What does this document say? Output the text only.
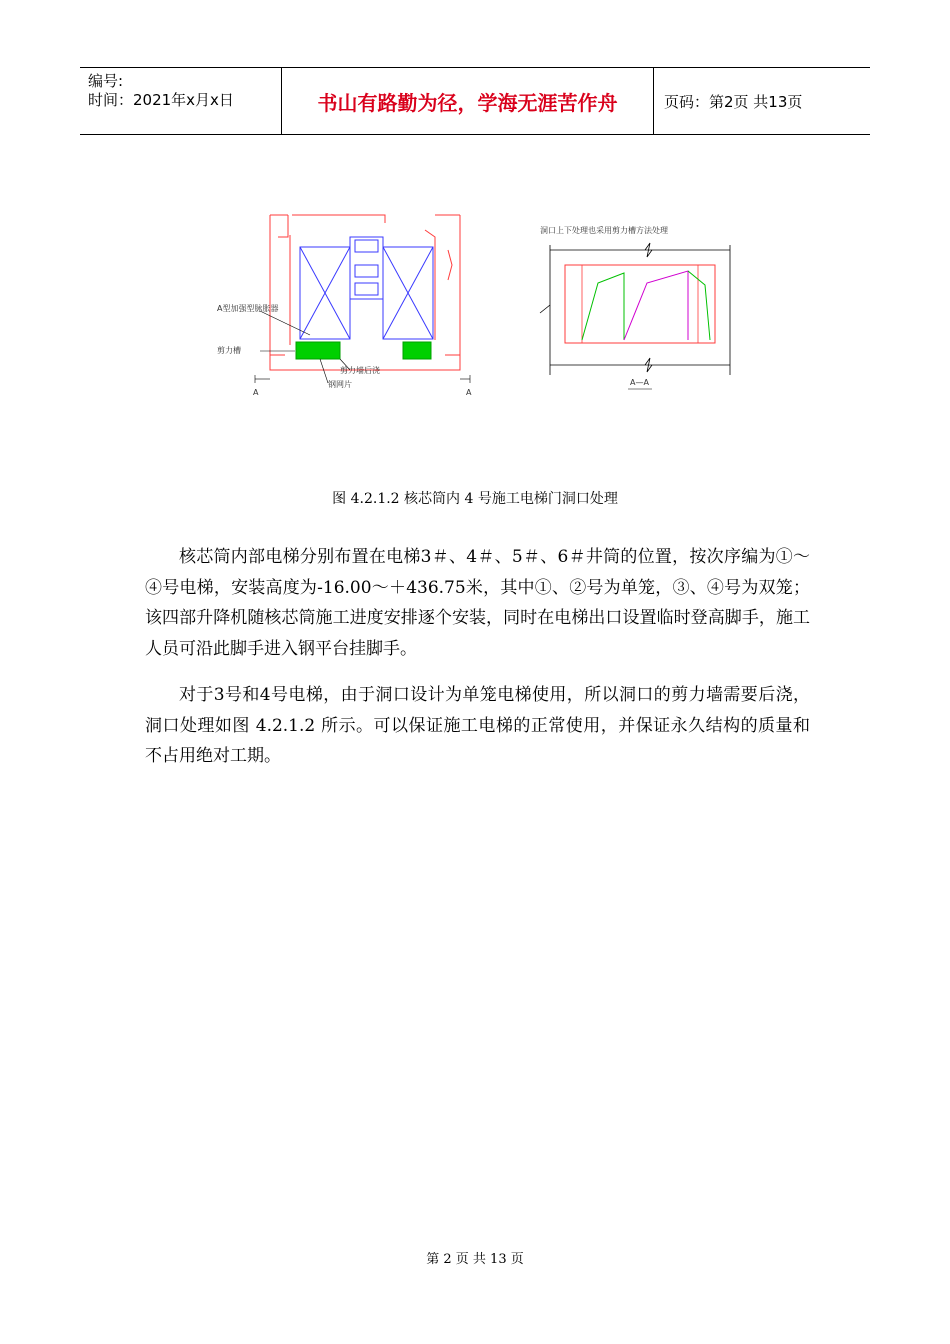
编号:
时间：2021年x月x日	书山有路勤为径，学海无涯苦作舟	页码：第2页 共13页
A型加强型脉胀器
剪力槽
剪力墙后浇
钢网片
A	A
洞口上下处理也采用剪力槽方法处理
A—A
图 4.2.1.2 核芯筒内 4 号施工电梯门洞口处理

核芯筒内部电梯分别布置在电梯3＃、4＃、5＃、6＃井筒的位置，按次序编为①～④号电梯，安装高度为-16.00～＋436.75米，其中①、②号为单笼，③、④号为双笼；该四部升降机随核芯筒施工进度安排逐个安装，同时在电梯出口设置临时登高脚手，施工人员可沿此脚手进入钢平台挂脚手。

对于3号和4号电梯，由于洞口设计为单笼电梯使用，所以洞口的剪力墙需要后浇，洞口处理如图 4.2.1.2 所示。可以保证施工电梯的正常使用，并保证永久结构的质量和不占用绝对工期。

第 2 页 共 13 页
